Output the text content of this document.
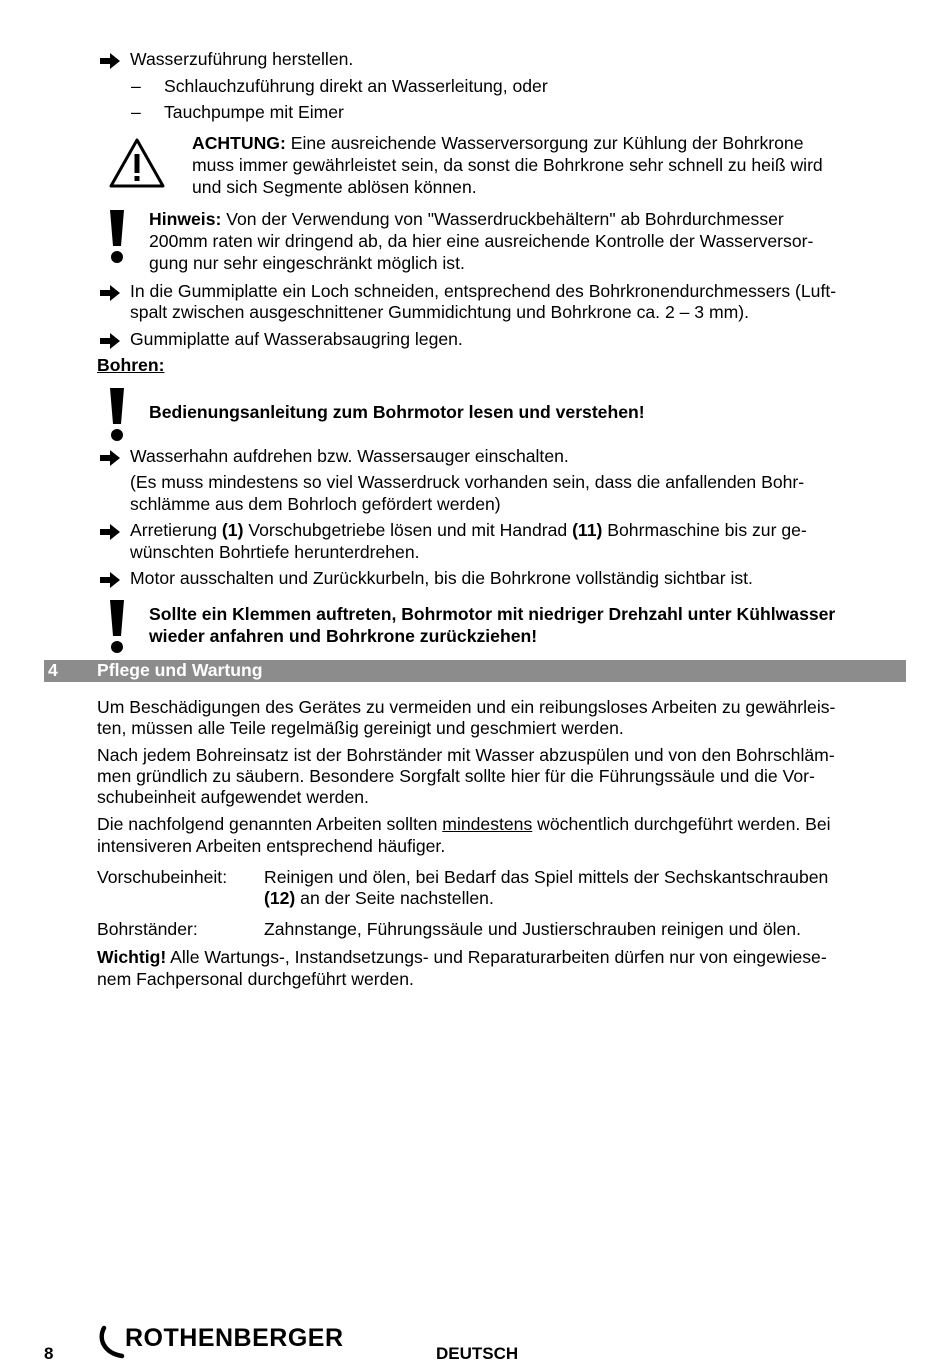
Wasserzuführung herstellen.
– Schlauchzuführung direkt an Wasserleitung, oder
– Tauchpumpe mit Eimer
ACHTUNG: Eine ausreichende Wasserversorgung zur Kühlung der Bohrkrone
muss immer gewährleistet sein, da sonst die Bohrkrone sehr schnell zu heiß wird
und sich Segmente ablösen können.
Hinweis: Von der Verwendung von "Wasserdruckbehältern" ab Bohrdurchmesser
200mm raten wir dringend ab, da hier eine ausreichende Kontrolle der Wasserversor-
gung nur sehr eingeschränkt möglich ist.
In die Gummiplatte ein Loch schneiden, entsprechend des Bohrkronendurchmessers (Luft-
spalt zwischen ausgeschnittener Gummidichtung und Bohrkrone ca. 2 – 3 mm).
Gummiplatte auf Wasserabsaugring legen.
Bohren:
Bedienungsanleitung zum Bohrmotor lesen und verstehen!
Wasserhahn aufdrehen bzw. Wassersauger einschalten.
(Es muss mindestens so viel Wasserdruck vorhanden sein, dass die anfallenden Bohr-
schlämme aus dem Bohrloch gefördert werden)
Arretierung (1) Vorschubgetriebe lösen und mit Handrad (11) Bohrmaschine bis zur ge-
wünschten Bohrtiefe herunterdrehen.
Motor ausschalten und Zurückkurbeln, bis die Bohrkrone vollständig sichtbar ist.
Sollte ein Klemmen auftreten, Bohrmotor mit niedriger Drehzahl unter Kühlwasser
wieder anfahren und Bohrkrone zurückziehen!
4 Pflege und Wartung
Um Beschädigungen des Gerätes zu vermeiden und ein reibungsloses Arbeiten zu gewährleis-
ten, müssen alle Teile regelmäßig gereinigt und geschmiert werden.
Nach jedem Bohreinsatz ist der Bohrständer mit Wasser abzuspülen und von den Bohrschläm-
men gründlich zu säubern. Besondere Sorgfalt sollte hier für die Führungssäule und die Vor-
schubeinheit aufgewendet werden.
Die nachfolgend genannten Arbeiten sollten mindestens wöchentlich durchgeführt werden. Bei
intensiveren Arbeiten entsprechend häufiger.
Vorschubeinheit: Reinigen und ölen, bei Bedarf das Spiel mittels der Sechskantschrauben
(12) an der Seite nachstellen.
Bohrständer:	Zahnstange, Führungssäule und Justierschrauben reinigen und ölen.
Wichtig! Alle Wartungs-, Instandsetzungs- und Reparaturarbeiten dürfen nur von eingewiese-
nem Fachpersonal durchgeführt werden.
8
ROTHENBERGER
DEUTSCH
